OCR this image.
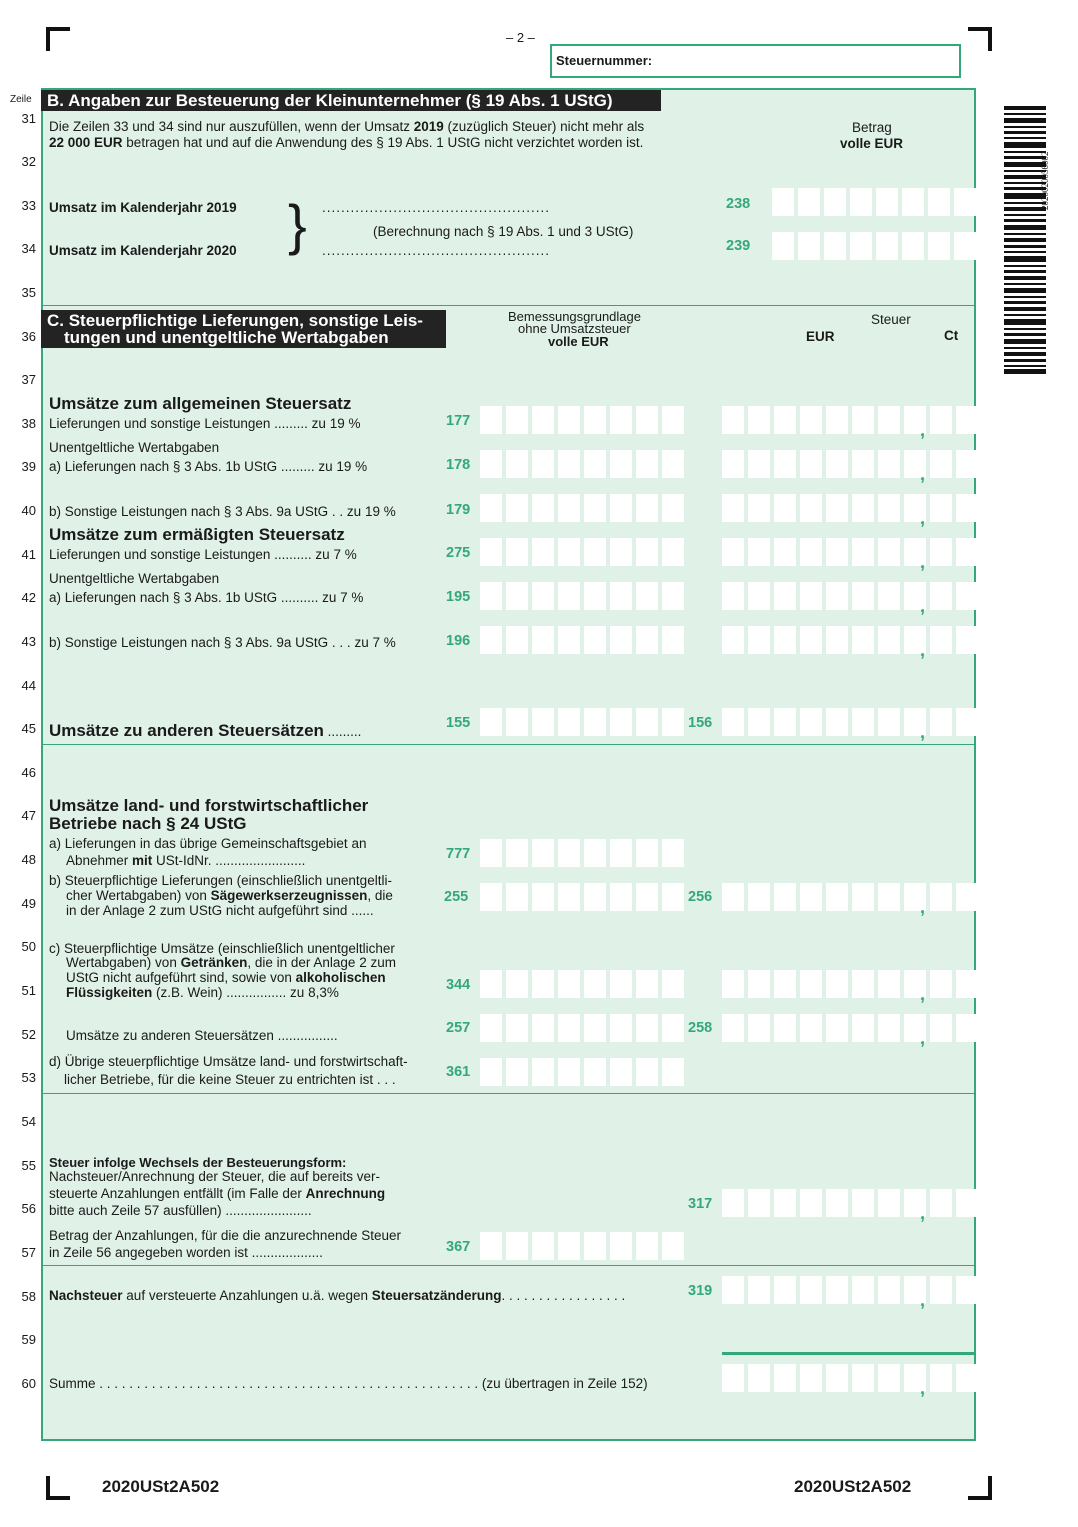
– 2 –
Steuernummer:
Zeile
31
32
33
34
35
36
37
38
39
40
41
42
43
44
45
46
47
48
49
50
51
52
53
54
55
56
57
58
59
60
B. Angaben zur Besteuerung der Kleinunternehmer (§ 19 Abs. 1 UStG)
Die Zeilen 33 und 34 sind nur auszufüllen, wenn der Umsatz 2019 (zuzüglich Steuer) nicht mehr als
22 000 EUR betragen hat und auf die Anwendung des § 19 Abs. 1 UStG nicht verzichtet worden ist.
Betrag
volle EUR
Umsatz im Kalenderjahr 2019
Umsatz im Kalenderjahr 2020 } ................................................
................................................
(Berechnung nach § 19 Abs. 1 und 3 UStG)
238
239
C. Steuerpflichtige Lieferungen, sonstige Leis-
tungen und unentgeltliche Wertabgaben
Bemessungsgrundlage
ohne Umsatzsteuer
volle EUR
Steuer
EUR	Ct
Umsätze zum allgemeinen Steuersatz
Lieferungen und sonstige Leistungen ......... zu 19 %
Unentgeltliche Wertabgaben
a) Lieferungen nach § 3 Abs. 1b UStG ......... zu 19 %
b) Sonstige Leistungen nach § 3 Abs. 9a UStG . . zu 19 %
Umsätze zum ermäßigten Steuersatz
Lieferungen und sonstige Leistungen .......... zu 7 %
Unentgeltliche Wertabgaben
a) Lieferungen nach § 3 Abs. 1b UStG .......... zu 7 %
b) Sonstige Leistungen nach § 3 Abs. 9a UStG . . . zu 7 %
Umsätze zu anderen Steuersätzen .........
Umsätze land- und forstwirtschaftlicher
Betriebe nach § 24 UStG
a) Lieferungen in das übrige Gemeinschaftsgebiet an
Abnehmer mit USt-IdNr. ........................
b) Steuerpflichtige Lieferungen (einschließlich unentgeltli-
cher Wertabgaben) von Sägewerkserzeugnissen, die
in der Anlage 2 zum UStG nicht aufgeführt sind ......
c) Steuerpflichtige Umsätze (einschließlich unentgeltlicher
Wertabgaben) von Getränken, die in der Anlage 2 zum
UStG nicht aufgeführt sind, sowie von alkoholischen
Flüssigkeiten (z.B. Wein) ................ zu 8,3%
Umsätze zu anderen Steuersätzen ................
d) Übrige steuerpflichtige Umsätze land- und forstwirtschaft-
licher Betriebe, für die keine Steuer zu entrichten ist . . .
Steuer infolge Wechsels der Besteuerungsform:
Nachsteuer/Anrechnung der Steuer, die auf bereits ver-
steuerte Anzahlungen entfällt (im Falle der Anrechnung
bitte auch Zeile 57 ausfüllen) .......................
Betrag der Anzahlungen, für die die anzurechnende Steuer
in Zeile 56 angegeben worden ist ...................
Nachsteuer auf versteuerte Anzahlungen u.ä. wegen Steuersatzänderung. . . . . . . . . . . . . . . . .
Summe . . . . . . . . . . . . . . . . . . . . . . . . . . . . . . . . . . . . . . . . . . . . . . . . . . . (zu übertragen in Zeile 152)
177
178
179
275
195
196
155
777
255
344
257
361
367
156
256
258
317
319
,
,
,
,
,
,
,
,
,
,
,
,
,
2020020056002
2020USt2A502	2020USt2A502
